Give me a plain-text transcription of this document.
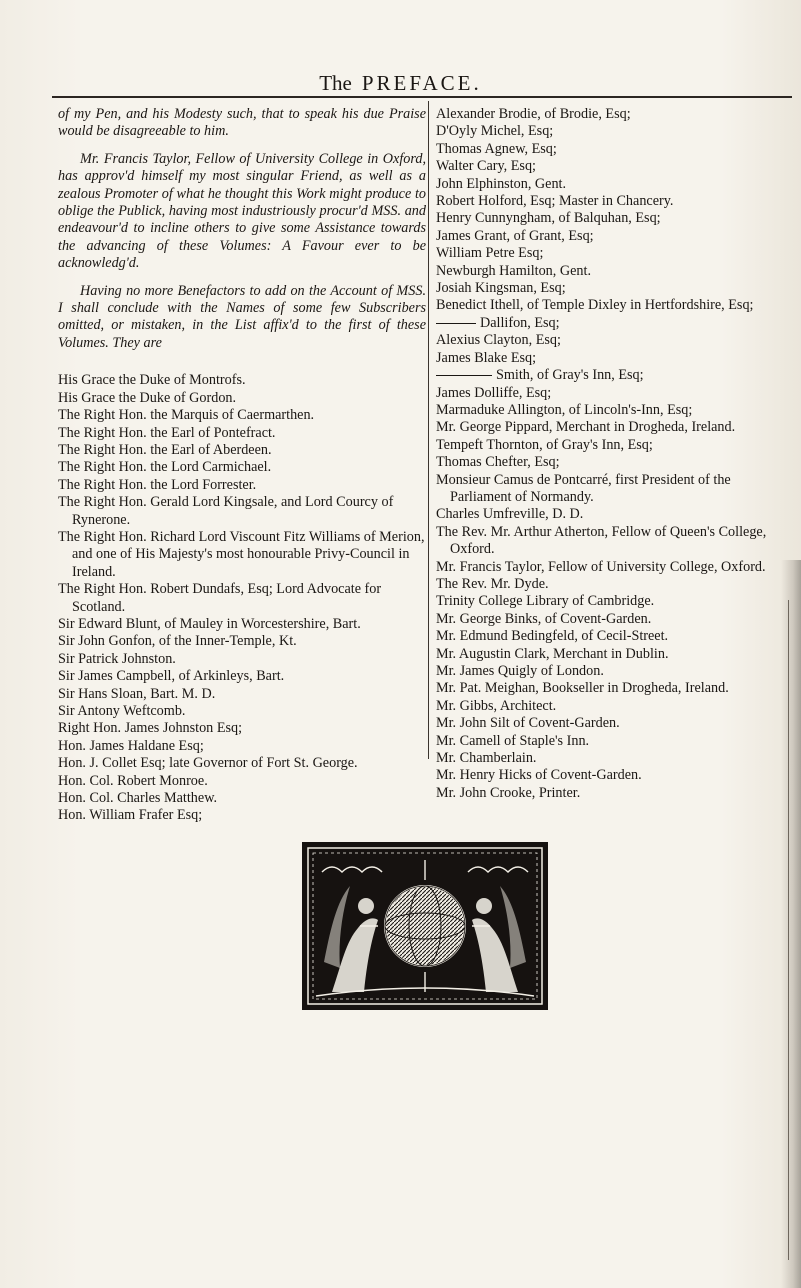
The PREFACE.

of my Pen, and his Modesty such, that to speak his due Praise would be disagreeable to him.

Mr. Francis Taylor, Fellow of University College in Oxford, has approv'd himself my most singular Friend, as well as a zealous Promoter of what he thought this Work might produce to oblige the Publick, having most industriously procur'd MSS. and endeavour'd to incline others to give some Assistance towards the advancing of these Volumes: A Favour ever to be acknowledg'd.

Having no more Benefactors to add on the Account of MSS. I shall conclude with the Names of some few Subscribers omitted, or mistaken, in the List affix'd to the first of these Volumes. They are

His Grace the Duke of Montrofs.
His Grace the Duke of Gordon.
The Right Hon. the Marquis of Caermarthen.
The Right Hon. the Earl of Pontefract.
The Right Hon. the Earl of Aberdeen.
The Right Hon. the Lord Carmichael.
The Right Hon. the Lord Forrester.
The Right Hon. Gerald Lord Kingsale, and Lord Courcy of Rynerone.
The Right Hon. Richard Lord Viscount Fitz Williams of Merion, and one of His Majesty's most honourable Privy-Council in Ireland.
The Right Hon. Robert Dundafs, Esq; Lord Advocate for Scotland.
Sir Edward Blunt, of Mauley in Worcestershire, Bart.
Sir John Gonfon, of the Inner-Temple, Kt.
Sir Patrick Johnston.
Sir James Campbell, of Arkinleys, Bart.
Sir Hans Sloan, Bart. M. D.
Sir Antony Weftcomb.
Right Hon. James Johnston Esq;
Hon. James Haldane Esq;
Hon. J. Collet Esq; late Governor of Fort St. George.
Hon. Col. Robert Monroe.
Hon. Col. Charles Matthew.
Hon. William Frafer Esq;
Alexander Brodie, of Brodie, Esq;
D'Oyly Michel, Esq;
Thomas Agnew, Esq;
Walter Cary, Esq;
John Elphinston, Gent.
Robert Holford, Esq; Master in Chancery.
Henry Cunnyngham, of Balquhan, Esq;
James Grant, of Grant, Esq;
William Petre Esq;
Newburgh Hamilton, Gent.
Josiah Kingsman, Esq;
Benedict Ithell, of Temple Dixley in Hertfordshire, Esq;
Dallifon, Esq;
Alexius Clayton, Esq;
James Blake Esq;
Smith, of Gray's Inn, Esq;
James Dolliffe, Esq;
Marmaduke Allington, of Lincoln's-Inn, Esq;
Mr. George Pippard, Merchant in Drogheda, Ireland.
Tempeft Thornton, of Gray's Inn, Esq;
Thomas Chefter, Esq;
Monsieur Camus de Pontcarré, first President of the Parliament of Normandy.
Charles Umfreville, D. D.
The Rev. Mr. Arthur Atherton, Fellow of Queen's College, Oxford.
Mr. Francis Taylor, Fellow of University College, Oxford.
The Rev. Mr. Dyde.
Trinity College Library of Cambridge.
Mr. George Binks, of Covent-Garden.
Mr. Edmund Bedingfeld, of Cecil-Street.
Mr. Augustin Clark, Merchant in Dublin.
Mr. James Quigly of London.
Mr. Pat. Meighan, Bookseller in Drogheda, Ireland.
Mr. Gibbs, Architect.
Mr. John Silt of Covent-Garden.
Mr. Camell of Staple's Inn.
Mr. Chamberlain.
Mr. Henry Hicks of Covent-Garden.
Mr. John Crooke, Printer.
